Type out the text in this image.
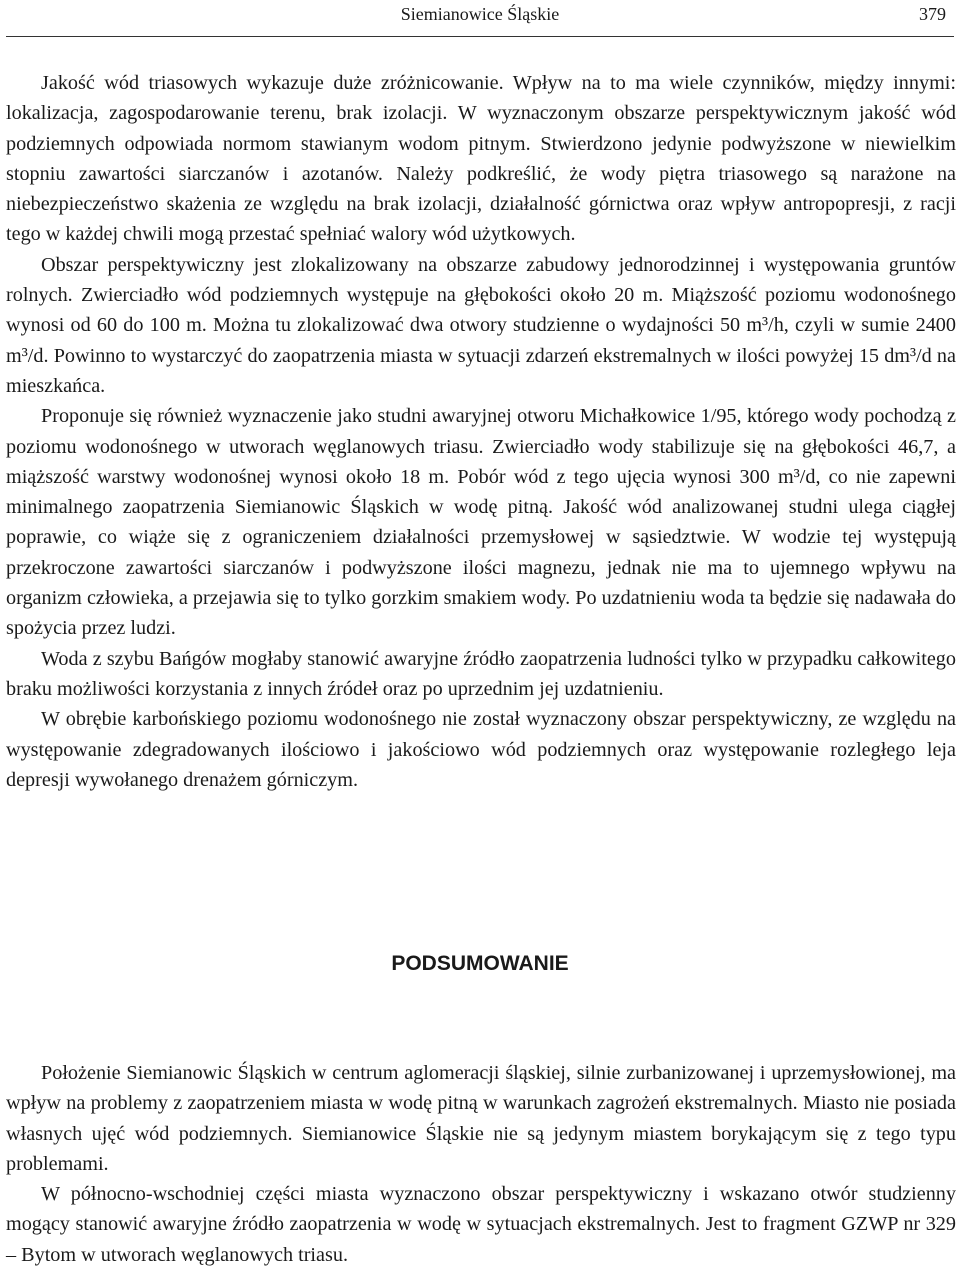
Siemianowice Śląskie	379

Jakość wód triasowych wykazuje duże zróżnicowanie. Wpływ na to ma wiele czynników, między innymi: lokalizacja, zagospodarowanie terenu, brak izolacji. W wyznaczonym obszarze perspektywicznym jakość wód podziemnych odpowiada normom stawianym wodom pitnym. Stwierdzono jedynie podwyższone w niewielkim stopniu zawartości siarczanów i azotanów. Należy podkreślić, że wody piętra triasowego są narażone na niebezpieczeństwo skażenia ze względu na brak izolacji, działalność górnictwa oraz wpływ antropopresji, z racji tego w każdej chwili mogą przestać spełniać walory wód użytkowych.

Obszar perspektywiczny jest zlokalizowany na obszarze zabudowy jednorodzinnej i występowania gruntów rolnych. Zwierciadło wód podziemnych występuje na głębokości około 20 m. Miąższość poziomu wodonośnego wynosi od 60 do 100 m. Można tu zlokalizować dwa otwory studzienne o wydajności 50 m³/h, czyli w sumie 2400 m³/d. Powinno to wystarczyć do zaopatrzenia miasta w sytuacji zdarzeń ekstremalnych w ilości powyżej 15 dm³/d na mieszkańca.

Proponuje się również wyznaczenie jako studni awaryjnej otworu Michałkowice 1/95, którego wody pochodzą z poziomu wodonośnego w utworach węglanowych triasu. Zwierciadło wody stabilizuje się na głębokości 46,7, a miąższość warstwy wodonośnej wynosi około 18 m. Pobór wód z tego ujęcia wynosi 300 m³/d, co nie zapewni minimalnego zaopatrzenia Siemianowic Śląskich w wodę pitną. Jakość wód analizowanej studni ulega ciągłej poprawie, co wiąże się z ograniczeniem działalności przemysłowej w sąsiedztwie. W wodzie tej występują przekroczone zawartości siarczanów i podwyższone ilości magnezu, jednak nie ma to ujemnego wpływu na organizm człowieka, a przejawia się to tylko gorzkim smakiem wody. Po uzdatnieniu woda ta będzie się nadawała do spożycia przez ludzi.

Woda z szybu Bańgów mogłaby stanowić awaryjne źródło zaopatrzenia ludności tylko w przypadku całkowitego braku możliwości korzystania z innych źródeł oraz po uprzednim jej uzdatnieniu.

W obrębie karbońskiego poziomu wodonośnego nie został wyznaczony obszar perspektywiczny, ze względu na występowanie zdegradowanych ilościowo i jakościowo wód podziemnych oraz występowanie rozległego leja depresji wywołanego drenażem górniczym.

PODSUMOWANIE

Położenie Siemianowic Śląskich w centrum aglomeracji śląskiej, silnie zurbanizowanej i uprzemysłowionej, ma wpływ na problemy z zaopatrzeniem miasta w wodę pitną w warunkach zagrożeń ekstremalnych. Miasto nie posiada własnych ujęć wód podziemnych. Siemianowice Śląskie nie są jedynym miastem borykającym się z tego typu problemami.

W północno-wschodniej części miasta wyznaczono obszar perspektywiczny i wskazano otwór studzienny mogący stanowić awaryjne źródło zaopatrzenia w wodę w sytuacjach ekstremalnych. Jest to fragment GZWP nr 329 – Bytom w utworach węglanowych triasu.
